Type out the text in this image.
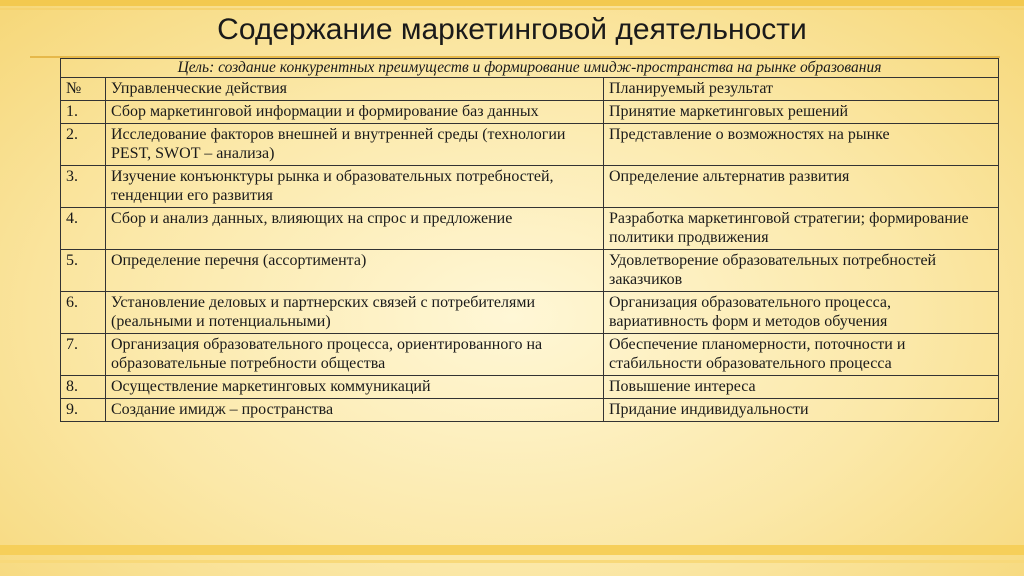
Содержание маркетинговой деятельности
Цель: создание конкурентных преимуществ и формирование имидж-пространства на рынке образования		
№	Управленческие действия	Планируемый результат
1.	Сбор маркетинговой информации и формирование баз данных	Принятие маркетинговых решений
2.	Исследование факторов внешней и внутренней среды (технологии PEST, SWOT – анализа)	Представление о возможностях на рынке
3.	Изучение конъюнктуры рынка и образовательных потребностей, тенденции его развития	Определение альтернатив развития
4.	Сбор и анализ данных, влияющих на спрос и предложение	Разработка маркетинговой стратегии; формирование политики продвижения
5.	Определение перечня (ассортимента)	Удовлетворение образовательных потребностей заказчиков
6.	Установление деловых и партнерских связей с потребителями (реальными и потенциальными)	Организация образовательного процесса, вариативность форм и методов обучения
7.	Организация образовательного процесса, ориентированного на образовательные потребности общества	Обеспечение планомерности, поточности и стабильности образовательного процесса
8.	Осуществление маркетинговых коммуникаций	Повышение интереса
9.	Создание имидж – пространства	Придание индивидуальности
